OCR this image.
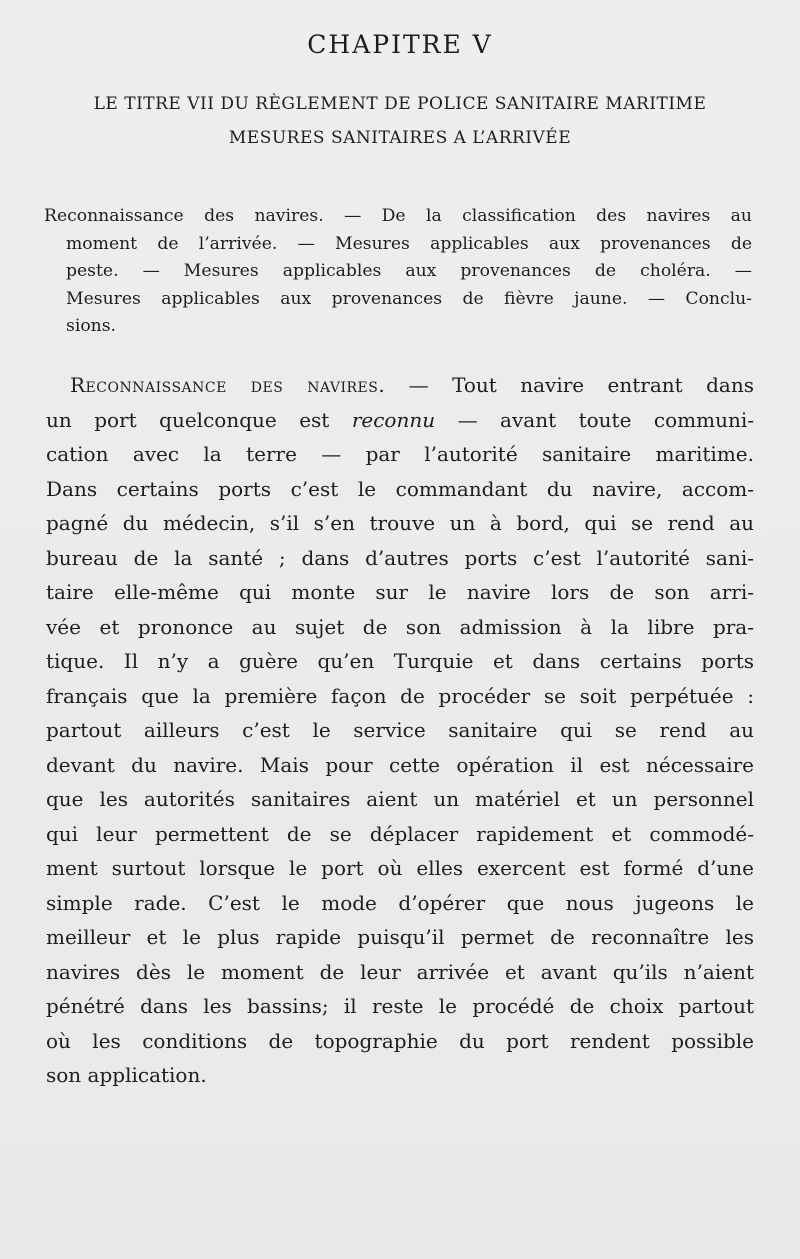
CHAPITRE V
LE TITRE VII DU RÈGLEMENT DE POLICE SANITAIRE MARITIME
MESURES SANITAIRES A L’ARRIVÉE
Reconnaissance des navires. — De la classification des navires au
moment de l’arrivée. — Mesures applicables aux provenances de
peste. — Mesures applicables aux provenances de choléra. —
Mesures applicables aux provenances de fièvre jaune. — Conclu-
sions.
Reconnaissance des navires. — Tout navire entrant dans
un port quelconque est reconnu — avant toute communi-
cation avec la terre — par l’autorité sanitaire maritime.
Dans certains ports c’est le commandant du navire, accom-
pagné du médecin, s’il s’en trouve un à bord, qui se rend au
bureau de la santé ; dans d’autres ports c’est l’autorité sani-
taire elle-même qui monte sur le navire lors de son arri-
vée et prononce au sujet de son admission à la libre pra-
tique. Il n’y a guère qu’en Turquie et dans certains ports
français que la première façon de procéder se soit perpétuée :
partout ailleurs c’est le service sanitaire qui se rend au
devant du navire. Mais pour cette opération il est nécessaire
que les autorités sanitaires aient un matériel et un personnel
qui leur permettent de se déplacer rapidement et commodé-
ment surtout lorsque le port où elles exercent est formé d’une
simple rade. C’est le mode d’opérer que nous jugeons le
meilleur et le plus rapide puisqu’il permet de reconnaître les
navires dès le moment de leur arrivée et avant qu’ils n’aient
pénétré dans les bassins; il reste le procédé de choix partout
où les conditions de topographie du port rendent possible
son application.
